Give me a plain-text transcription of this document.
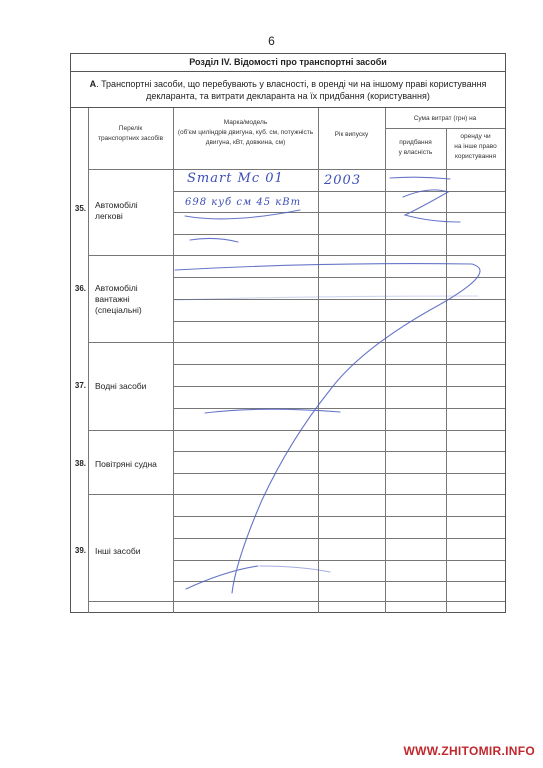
6
Розділ IV. Відомості про транспортні засоби
А. Транспортні засоби, що перебувають у власності, в оренді чи на іншому праві користування
декларанта, та витрати декларанта на їх придбання (користування)
Перелік
транспортних засобів
Марка/модель
(об'єм циліндрів двигуна, куб. см, потужність
двигуна, кВт, довжина, см)
Рік випуску
Сума витрат (грн) на
придбання
у власність
оренду чи
на інше право
користування
35. Автомобілі
легкові
36. Автомобілі
вантажні
(спеціальні)
37. Водні засоби
38. Повітряні судна
39. Інші засоби
Smart Mc 01	2003
698 куб см 45 кВт
WWW.ZHITOMIR.INFO
